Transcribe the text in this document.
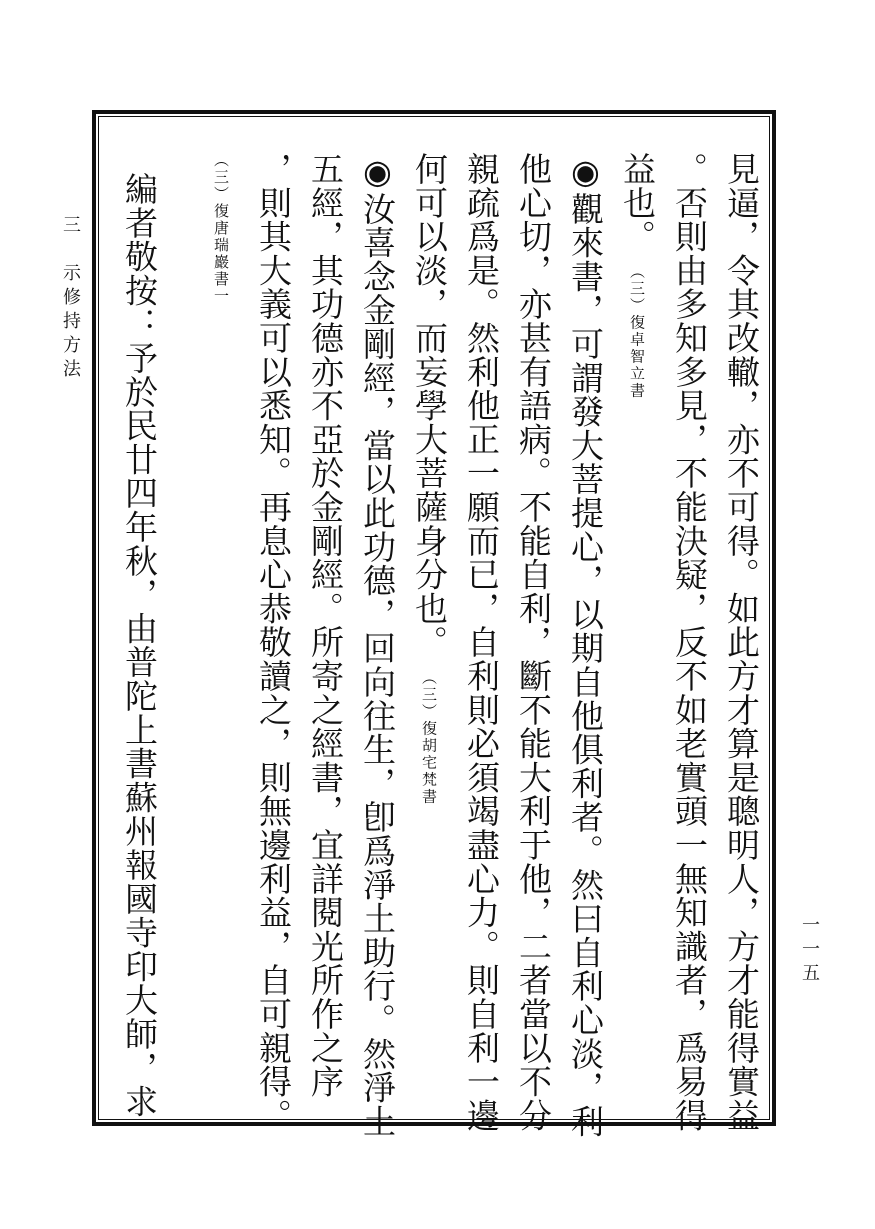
三　示修持方法
一一五
見逼，令其改轍，亦不可得。如此方才算是聰明人，方才能得實益
。否則由多知多見，不能決疑，反不如老實頭一無知識者，爲易得
益也。（三）復卓智立書
◉觀來書，可謂發大菩提心，以期自他俱利者。然曰自利心淡，利
他心切，亦甚有語病。不能自利，斷不能大利于他，二者當以不分
親疏爲是。然利他正一願而已，自利則必須竭盡心力。則自利一邊
何可以淡，而妄學大菩薩身分也。（三）復胡宅梵書
◉汝喜念金剛經，當以此功德，回向往生，卽爲淨土助行。然淨土
五經，其功德亦不亞於金剛經。所寄之經書，宜詳閱光所作之序
，則其大義可以悉知。再息心恭敬讀之，則無邊利益，自可親得。
（三）復唐瑞巖書一
編者敬按：予於民廿四年秋，由普陀上書蘇州報國寺印大師，求
